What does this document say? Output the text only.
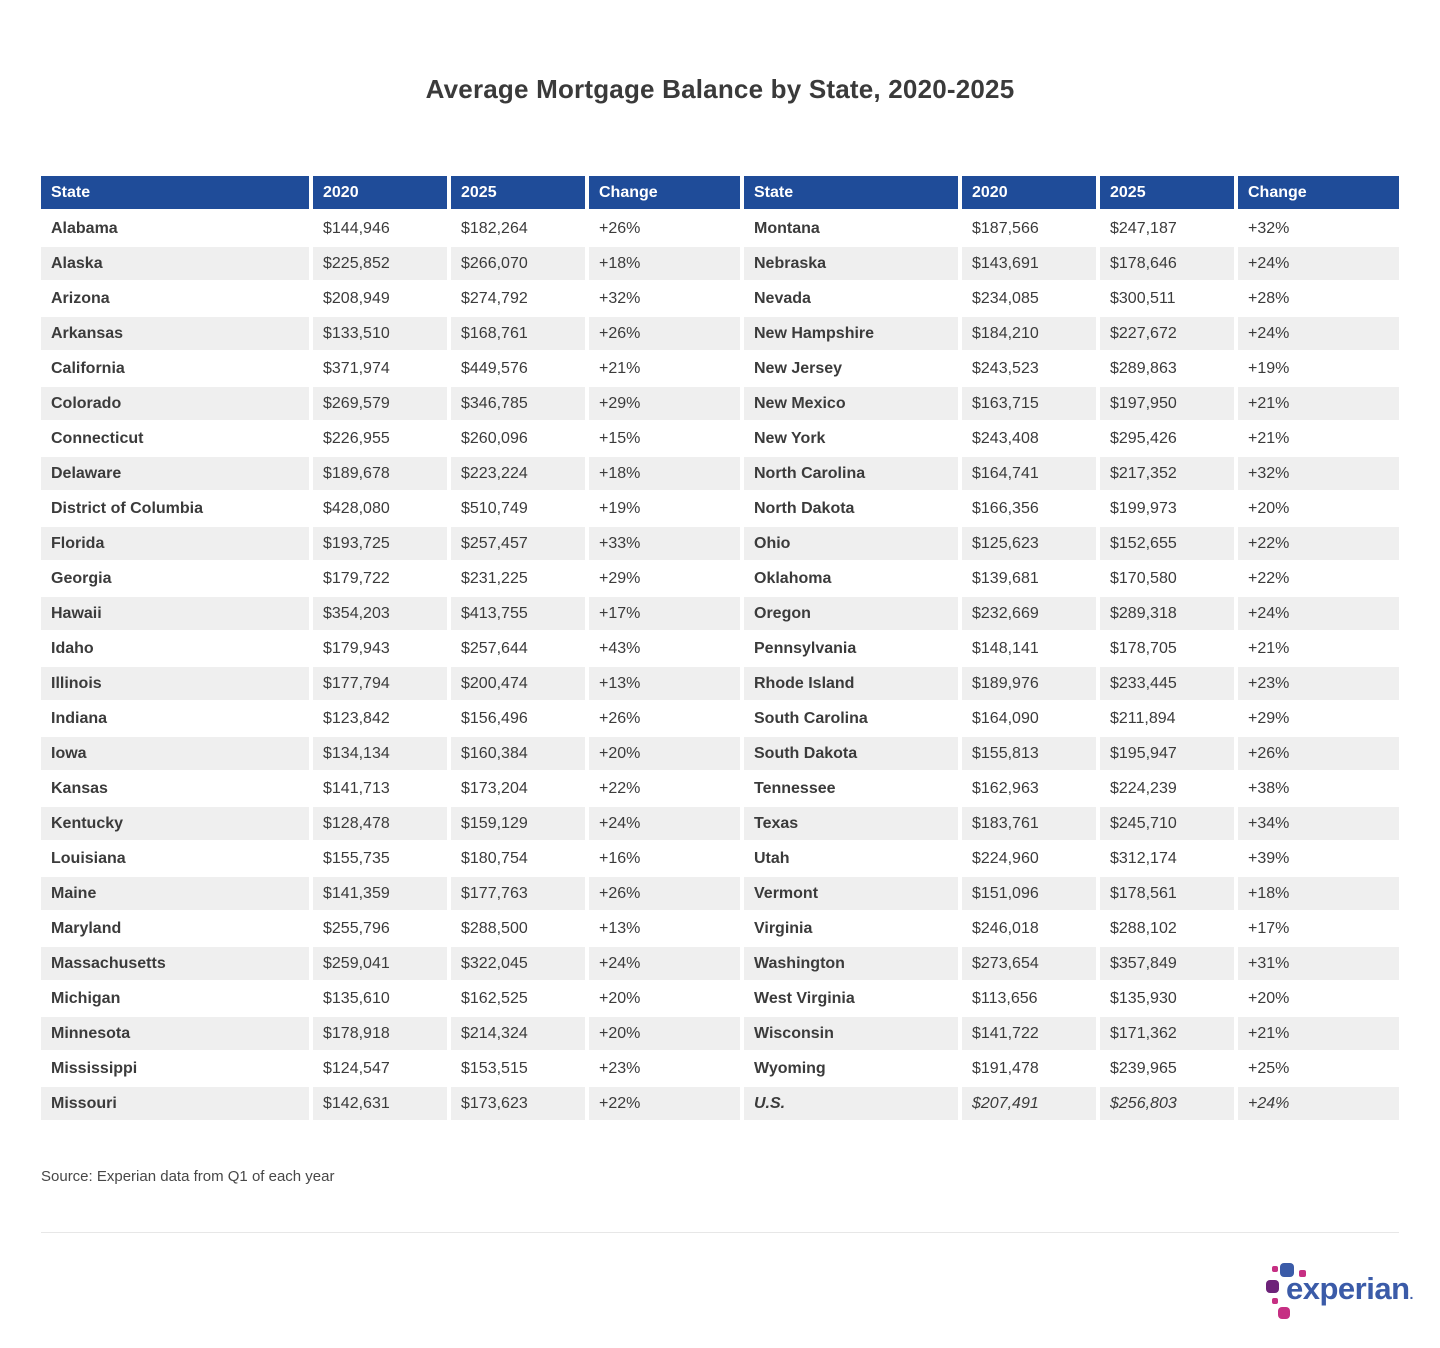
Average Mortgage Balance by State, 2020-2025
State	2020	2025	Change	State	2020	2025	Change
Alabama	$144,946	$182,264	+26%	Montana	$187,566	$247,187	+32%
Alaska	$225,852	$266,070	+18%	Nebraska	$143,691	$178,646	+24%
Arizona	$208,949	$274,792	+32%	Nevada	$234,085	$300,511	+28%
Arkansas	$133,510	$168,761	+26%	New Hampshire	$184,210	$227,672	+24%
California	$371,974	$449,576	+21%	New Jersey	$243,523	$289,863	+19%
Colorado	$269,579	$346,785	+29%	New Mexico	$163,715	$197,950	+21%
Connecticut	$226,955	$260,096	+15%	New York	$243,408	$295,426	+21%
Delaware	$189,678	$223,224	+18%	North Carolina	$164,741	$217,352	+32%
District of Columbia	$428,080	$510,749	+19%	North Dakota	$166,356	$199,973	+20%
Florida	$193,725	$257,457	+33%	Ohio	$125,623	$152,655	+22%
Georgia	$179,722	$231,225	+29%	Oklahoma	$139,681	$170,580	+22%
Hawaii	$354,203	$413,755	+17%	Oregon	$232,669	$289,318	+24%
Idaho	$179,943	$257,644	+43%	Pennsylvania	$148,141	$178,705	+21%
Illinois	$177,794	$200,474	+13%	Rhode Island	$189,976	$233,445	+23%
Indiana	$123,842	$156,496	+26%	South Carolina	$164,090	$211,894	+29%
Iowa	$134,134	$160,384	+20%	South Dakota	$155,813	$195,947	+26%
Kansas	$141,713	$173,204	+22%	Tennessee	$162,963	$224,239	+38%
Kentucky	$128,478	$159,129	+24%	Texas	$183,761	$245,710	+34%
Louisiana	$155,735	$180,754	+16%	Utah	$224,960	$312,174	+39%
Maine	$141,359	$177,763	+26%	Vermont	$151,096	$178,561	+18%
Maryland	$255,796	$288,500	+13%	Virginia	$246,018	$288,102	+17%
Massachusetts	$259,041	$322,045	+24%	Washington	$273,654	$357,849	+31%
Michigan	$135,610	$162,525	+20%	West Virginia	$113,656	$135,930	+20%
Minnesota	$178,918	$214,324	+20%	Wisconsin	$141,722	$171,362	+21%
Mississippi	$124,547	$153,515	+23%	Wyoming	$191,478	$239,965	+25%
Missouri	$142,631	$173,623	+22%	U.S.	$207,491	$256,803	+24%

Source: Experian data from Q1 of each year

experian.
